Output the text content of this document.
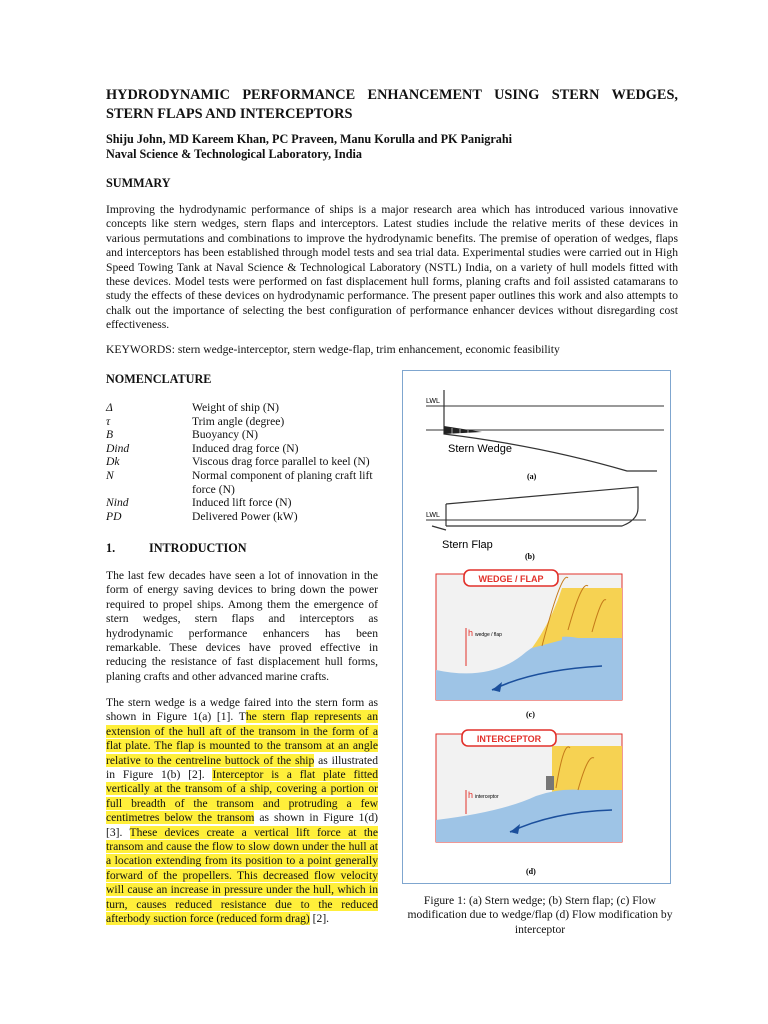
HYDRODYNAMIC PERFORMANCE ENHANCEMENT USING STERN WEDGES,
STERN FLAPS AND INTERCEPTORS
Shiju John, MD Kareem Khan, PC Praveen, Manu Korulla and PK Panigrahi
Naval Science & Technological Laboratory, India
SUMMARY
Improving the hydrodynamic performance of ships is a major research area which has introduced various innovative concepts like stern wedges, stern flaps and interceptors. Latest studies include the relative merits of these devices in various permutations and combinations to improve the hydrodynamic benefits. The premise of operation of wedges, flaps and interceptors has been established through model tests and sea trial data. Experimental studies were carried out in High Speed Towing Tank at Naval Science & Technological Laboratory (NSTL) India, on a variety of hull models fitted with these devices. Model tests were performed on fast displacement hull forms, planing crafts and foil assisted catamarans to study the effects of these devices on hydrodynamic performance. The present paper outlines this work and also attempts to chalk out the importance of selecting the best configuration of performance enhancer devices without disregarding cost effectiveness.
KEYWORDS: stern wedge-interceptor, stern wedge-flap, trim enhancement, economic feasibility
NOMENCLATURE
Δ	Weight of ship (N)
τ	Trim angle (degree)
B	Buoyancy (N)
Dind	Induced drag force (N)
Dk	Viscous drag force parallel to keel (N)
N	Normal component of planing craft lift force (N)
Nind	Induced lift force (N)
PD	Delivered Power (kW)
1.	INTRODUCTION
The last few decades have seen a lot of innovation in the form of energy saving devices to bring down the power required to propel ships. Among them the emergence of stern wedges, stern flaps and interceptors as hydrodynamic performance enhancers has been remarkable. These devices have proved effective in reducing the resistance of fast displacement hull forms, planing crafts and other advanced marine crafts.
The stern wedge is a wedge faired into the stern form as shown in Figure 1(a) [1]. The stern flap represents an extension of the hull aft of the transom in the form of a flat plate. The flap is mounted to the transom at an angle relative to the centreline buttock of the ship as illustrated in Figure 1(b) [2]. Interceptor is a flat plate fitted vertically at the transom of a ship, covering a portion or full breadth of the transom and protruding a few centimetres below the transom as shown in Figure 1(d) [3]. These devices create a vertical lift force at the transom and cause the flow to slow down under the hull at a location extending from its position to a point generally forward of the propellers. This decreased flow velocity will cause an increase in pressure under the hull, which in turn, causes reduced resistance due to the reduced afterbody suction force (reduced form drag) [2].
LWL
Stern Wedge
(a)
LWL
Stern Flap
(b)
WEDGE / FLAP
h wedge / flap
(c)
INTERCEPTOR
h interceptor
(d)
Figure 1: (a) Stern wedge; (b) Stern flap; (c) Flow modification due to wedge/flap (d) Flow modification by interceptor
